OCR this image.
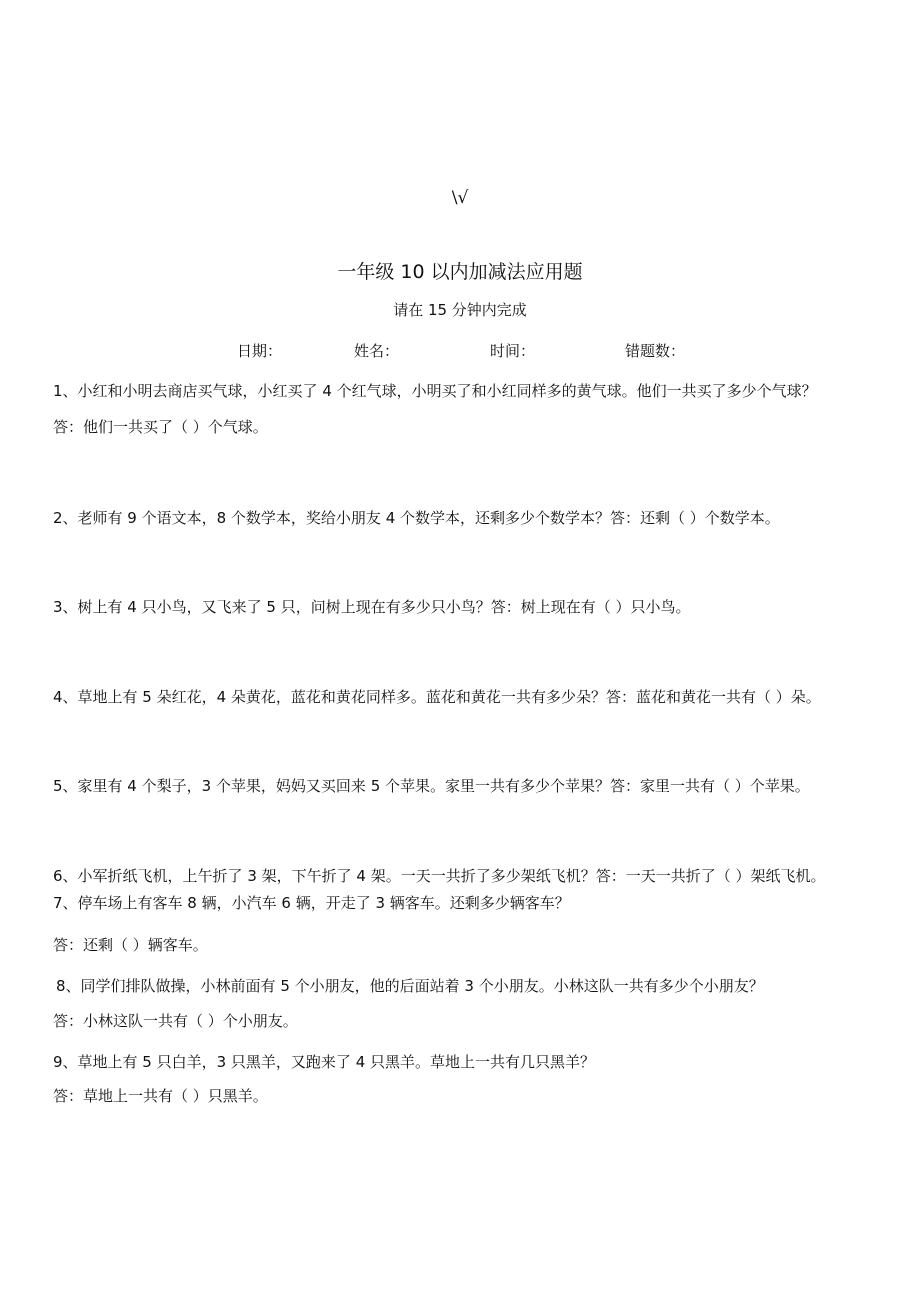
\√
一年级 10 以内加减法应用题
请在 15 分钟内完成
日期：	姓名：	时间：	错题数：
1、小红和小明去商店买气球，小红买了 4 个红气球，小明买了和小红同样多的黄气球。他们一共买了多少个气球？
答：他们一共买了（ ）个气球。
2、老师有 9 个语文本，8 个数学本，奖给小朋友 4 个数学本，还剩多少个数学本？答：还剩（ ）个数学本。
3、树上有 4 只小鸟，又飞来了 5 只，问树上现在有多少只小鸟？答：树上现在有（ ）只小鸟。
4、草地上有 5 朵红花，4 朵黄花，蓝花和黄花同样多。蓝花和黄花一共有多少朵？答：蓝花和黄花一共有（ ）朵。
5、家里有 4 个梨子，3 个苹果，妈妈又买回来 5 个苹果。家里一共有多少个苹果？答：家里一共有（ ）个苹果。
6、小军折纸飞机，上午折了 3 架，下午折了 4 架。一天一共折了多少架纸飞机？答：一天一共折了（ ）架纸飞机。
7、停车场上有客车 8 辆，小汽车 6 辆，开走了 3 辆客车。还剩多少辆客车？
答：还剩（ ）辆客车。
8、同学们排队做操，小林前面有 5 个小朋友，他的后面站着 3 个小朋友。小林这队一共有多少个小朋友？
答：小林这队一共有（ ）个小朋友。
9、草地上有 5 只白羊，3 只黑羊，又跑来了 4 只黑羊。草地上一共有几只黑羊？
答：草地上一共有（ ）只黑羊。
